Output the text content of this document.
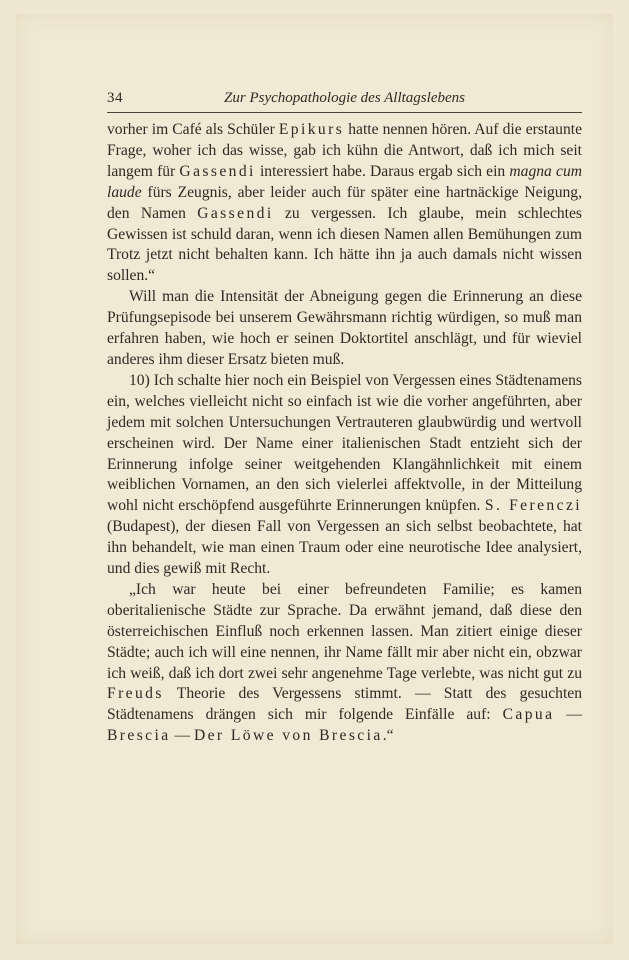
34	Zur Psychopathologie des Alltagslebens

vorher im Café als Schüler Epikurs hatte nennen hören. Auf die erstaunte Frage, woher ich das wisse, gab ich kühn die Antwort, daß ich mich seit langem für Gassendi interessiert habe. Daraus ergab sich ein magna cum laude fürs Zeugnis, aber leider auch für später eine hartnäckige Neigung, den Namen Gassendi zu vergessen. Ich glaube, mein schlechtes Gewissen ist schuld daran, wenn ich diesen Namen allen Bemühungen zum Trotz jetzt nicht behalten kann. Ich hätte ihn ja auch damals nicht wissen sollen.“

Will man die Intensität der Abneigung gegen die Erinnerung an diese Prüfungsepisode bei unserem Gewährsmann richtig würdigen, so muß man erfahren haben, wie hoch er seinen Doktortitel anschlägt, und für wieviel anderes ihm dieser Ersatz bieten muß.

10) Ich schalte hier noch ein Beispiel von Vergessen eines Städtenamens ein, welches vielleicht nicht so einfach ist wie die vorher angeführten, aber jedem mit solchen Untersuchungen Vertrauteren glaubwürdig und wertvoll erscheinen wird. Der Name einer italienischen Stadt entzieht sich der Erinnerung infolge seiner weitgehenden Klangähnlichkeit mit einem weiblichen Vornamen, an den sich vielerlei affektvolle, in der Mitteilung wohl nicht erschöpfend ausgeführte Erinnerungen knüpfen. S. Ferenczi (Budapest), der diesen Fall von Vergessen an sich selbst beobachtete, hat ihn behandelt, wie man einen Traum oder eine neurotische Idee analysiert, und dies gewiß mit Recht.

„Ich war heute bei einer befreundeten Familie; es kamen oberitalienische Städte zur Sprache. Da erwähnt jemand, daß diese den österreichischen Einfluß noch erkennen lassen. Man zitiert einige dieser Städte; auch ich will eine nennen, ihr Name fällt mir aber nicht ein, obzwar ich weiß, daß ich dort zwei sehr angenehme Tage verlebte, was nicht gut zu Freuds Theorie des Vergessens stimmt. — Statt des gesuchten Städtenamens drängen sich mir folgende Einfälle auf: Capua — Brescia — Der Löwe von Brescia.“
